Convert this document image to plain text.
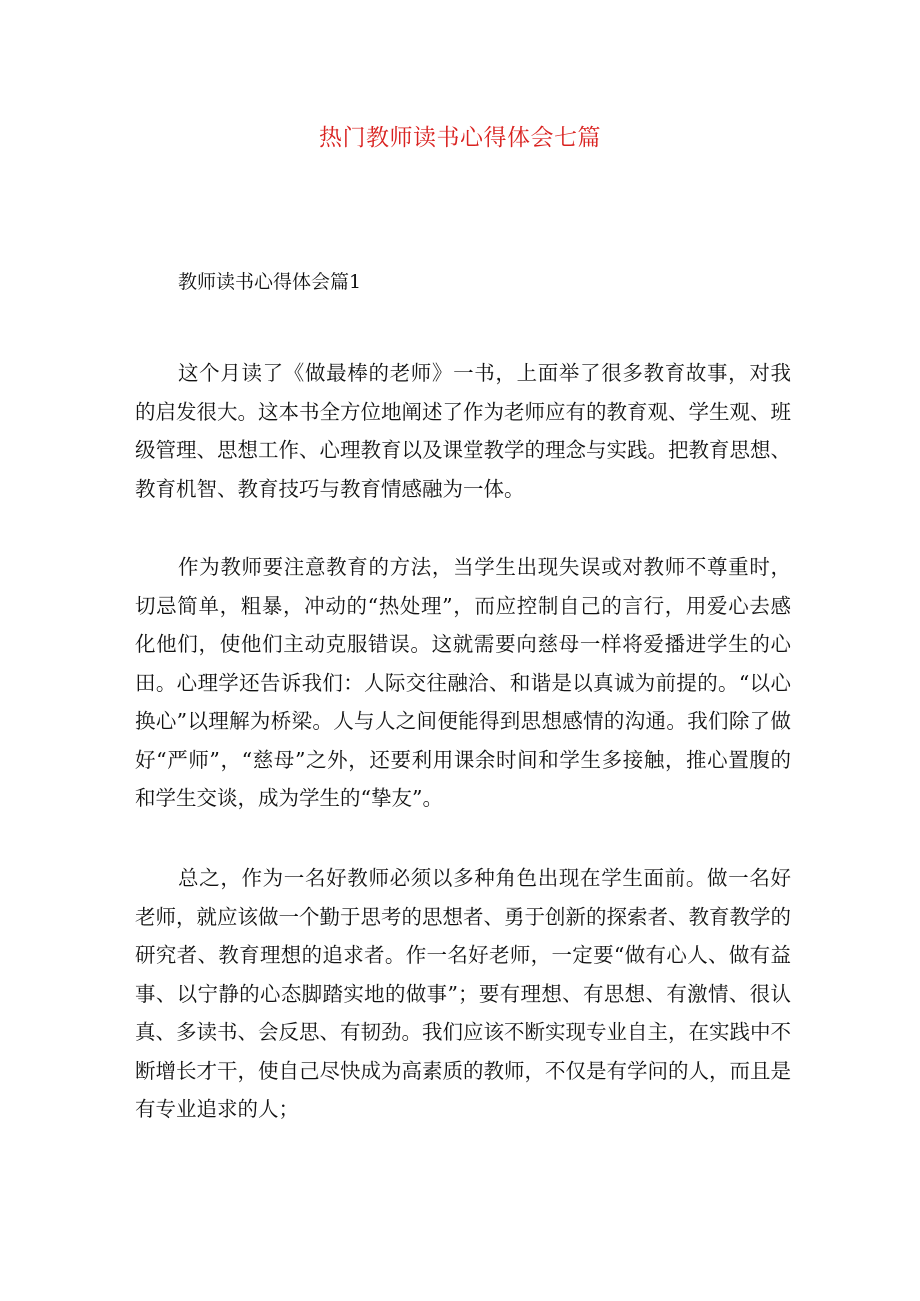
热门教师读书心得体会七篇
教师读书心得体会篇1

这个月读了《做最棒的老师》一书，上面举了很多教育故事，对我的启发很大。这本书全方位地阐述了作为老师应有的教育观、学生观、班级管理、思想工作、心理教育以及课堂教学的理念与实践。把教育思想、教育机智、教育技巧与教育情感融为一体。

作为教师要注意教育的方法，当学生出现失误或对教师不尊重时，切忌简单，粗暴，冲动的“热处理”，而应控制自己的言行，用爱心去感化他们，使他们主动克服错误。这就需要向慈母一样将爱播进学生的心田。心理学还告诉我们：人际交往融洽、和谐是以真诚为前提的。“以心换心”以理解为桥梁。人与人之间便能得到思想感情的沟通。我们除了做好“严师”，“慈母”之外，还要利用课余时间和学生多接触，推心置腹的和学生交谈，成为学生的“挚友”。

总之，作为一名好教师必须以多种角色出现在学生面前。做一名好老师，就应该做一个勤于思考的思想者、勇于创新的探索者、教育教学的研究者、教育理想的追求者。作一名好老师，一定要“做有心人、做有益事、以宁静的心态脚踏实地的做事”；要有理想、有思想、有激情、很认真、多读书、会反思、有韧劲。我们应该不断实现专业自主，在实践中不断增长才干，使自己尽快成为高素质的教师，不仅是有学问的人，而且是有专业追求的人；
